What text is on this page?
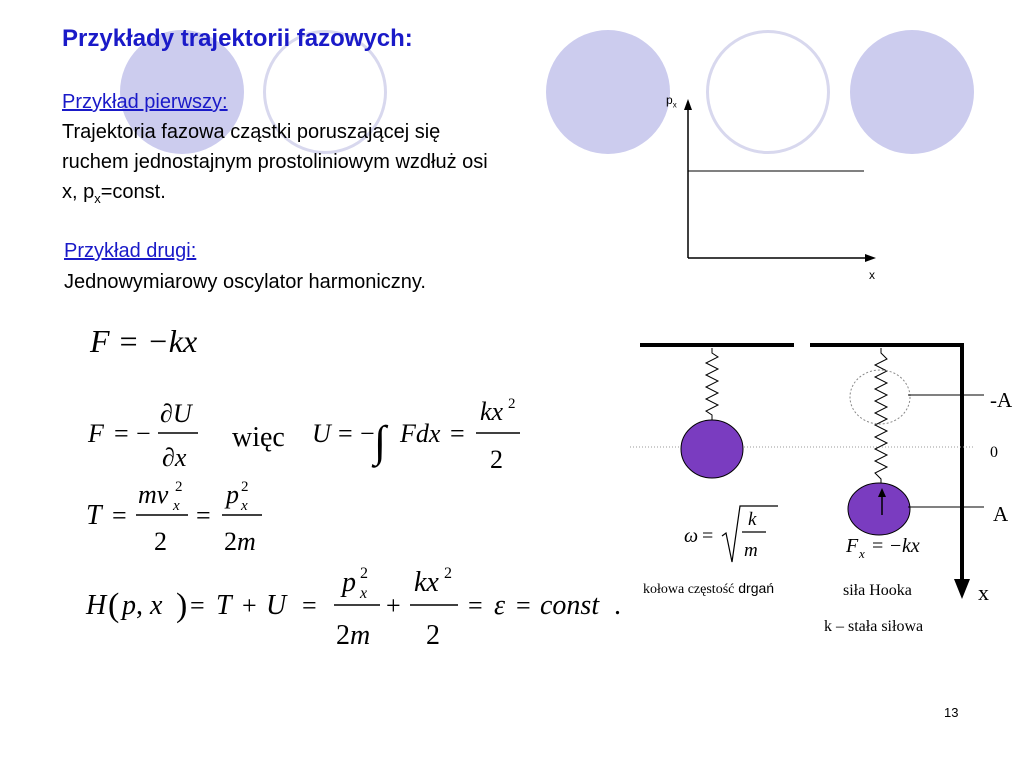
Przykłady trajektorii fazowych:
Przykład pierwszy:
Trajektoria fazowa cząstki poruszającej się
ruchem jednostajnym prostoliniowym wzdłuż osi
x, $p_x=const$.
Przykład drugi:
Jednowymiarowy oscylator harmoniczny.
$p_x$
x
F = −kx
F = −
∂U
∂x
więc U = − ∫ Fdx =
kx 2
2
T =
mv 2
x
2
=
p 2
x
2m
H ( p, x ) = T + U =
p 2
x
2m
+
kx 2
2
= ε = const .
-A
0
A
x
ω =
k
m	F x = − kx
kołowa częstość drgań	siła Hooka
k – stała siłowa
13
